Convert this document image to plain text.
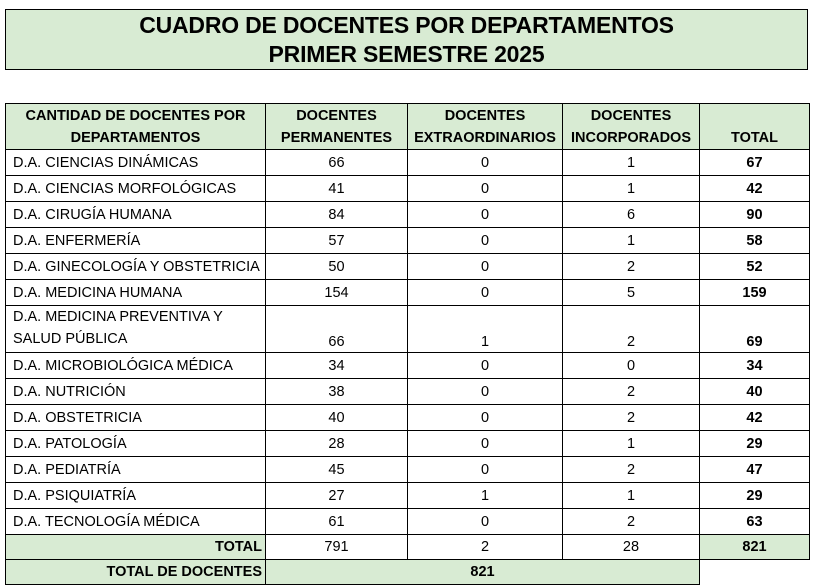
CUADRO DE DOCENTES POR DEPARTAMENTOS
PRIMER SEMESTRE 2025
CANTIDAD DE DOCENTES POR DEPARTAMENTOS	DOCENTES PERMANENTES	DOCENTES EXTRAORDINARIOS	DOCENTES INCORPORADOS	TOTAL
D.A. CIENCIAS DINÁMICAS	66	0	1	67
D.A. CIENCIAS MORFOLÓGICAS	41	0	1	42
D.A. CIRUGÍA HUMANA	84	0	6	90
D.A. ENFERMERÍA	57	0	1	58
D.A. GINECOLOGÍA Y OBSTETRICIA	50	0	2	52
D.A. MEDICINA HUMANA	154	0	5	159
D.A. MEDICINA PREVENTIVA Y SALUD PÚBLICA	66	1	2	69
D.A. MICROBIOLÓGICA MÉDICA	34	0	0	34
D.A. NUTRICIÓN	38	0	2	40
D.A. OBSTETRICIA	40	0	2	42
D.A. PATOLOGÍA	28	0	1	29
D.A. PEDIATRÍA	45	0	2	47
D.A. PSIQUIATRÍA	27	1	1	29
D.A. TECNOLOGÍA MÉDICA	61	0	2	63
TOTAL	791	2	28	821
TOTAL DE DOCENTES	821			
